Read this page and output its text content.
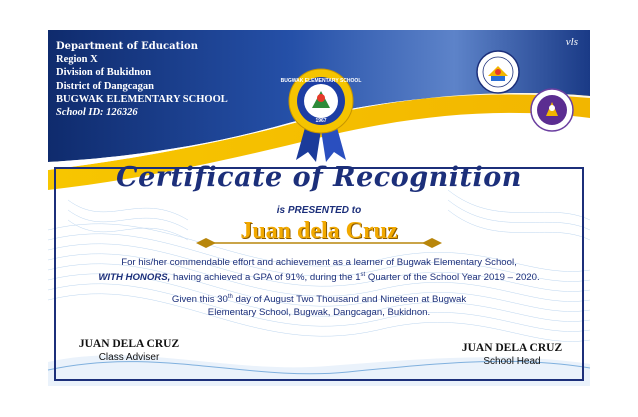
Department of Education
Region X
Division of Bukidnon
District of Dangcagan
BUGWAK ELEMENTARY SCHOOL
School ID: 126326
vls
BUGWAK ELEMENTARY SCHOOL
1967
Certificate of Recognition
is PRESENTED to
Juan dela Cruz
For his/her commendable effort and achievement as a learner of Bugwak Elementary School,
WITH HONORS, having achieved a GPA of 91%, during the 1st Quarter of the School Year 2019 – 2020.
Given this 30th day of August Two Thousand and Nineteen at Bugwak
Elementary School, Bugwak, Dangcagan, Bukidnon.
JUAN DELA CRUZ
Class Adviser
JUAN DELA CRUZ
School Head
